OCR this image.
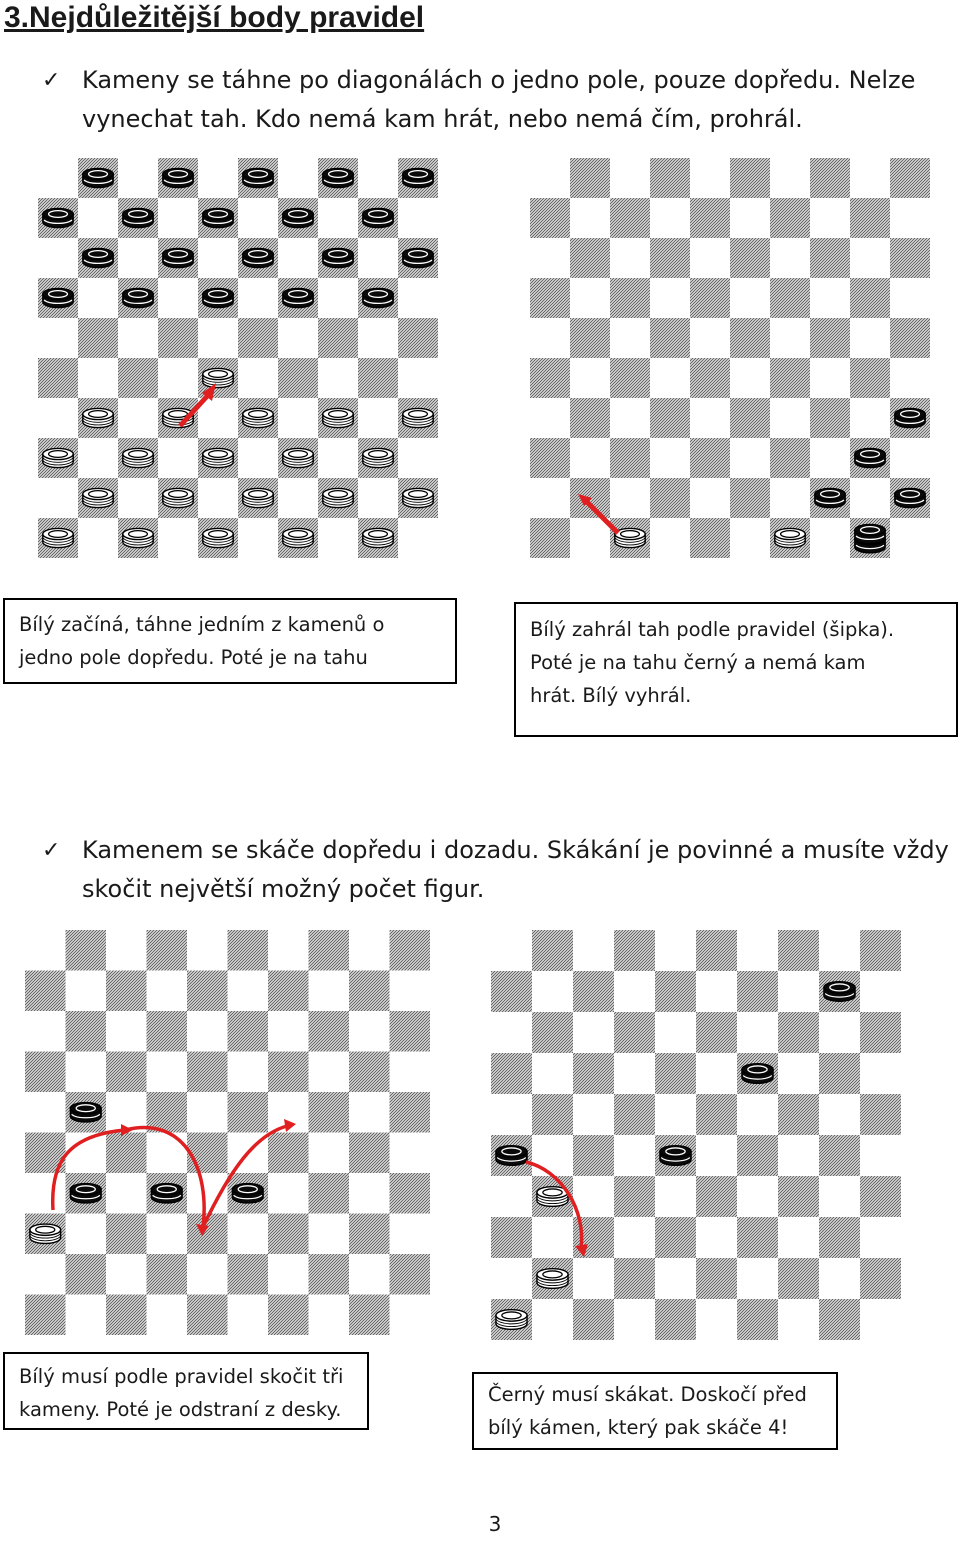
3.Nejdůležitější body pravidel
✓ Kameny se táhne po diagonálách o jedno pole, pouze dopředu. Nelze

vynechat tah. Kdo nemá kam hrát, nebo nemá čím, prohrál.

Bílý začíná, táhne jedním z kamenů o
jedno pole dopředu. Poté je na tahu
Bílý zahrál tah podle pravidel (šipka).
Poté je na tahu černý a nemá kam
hrát. Bílý vyhrál.
✓ Kamenem se skáče dopředu i dozadu. Skákání je povinné a musíte vždy

skočit největší možný počet figur.

Bílý musí podle pravidel skočit tři
kameny. Poté je odstraní z desky.
Černý musí skákat. Doskočí před
bílý kámen, který pak skáče 4!
3
